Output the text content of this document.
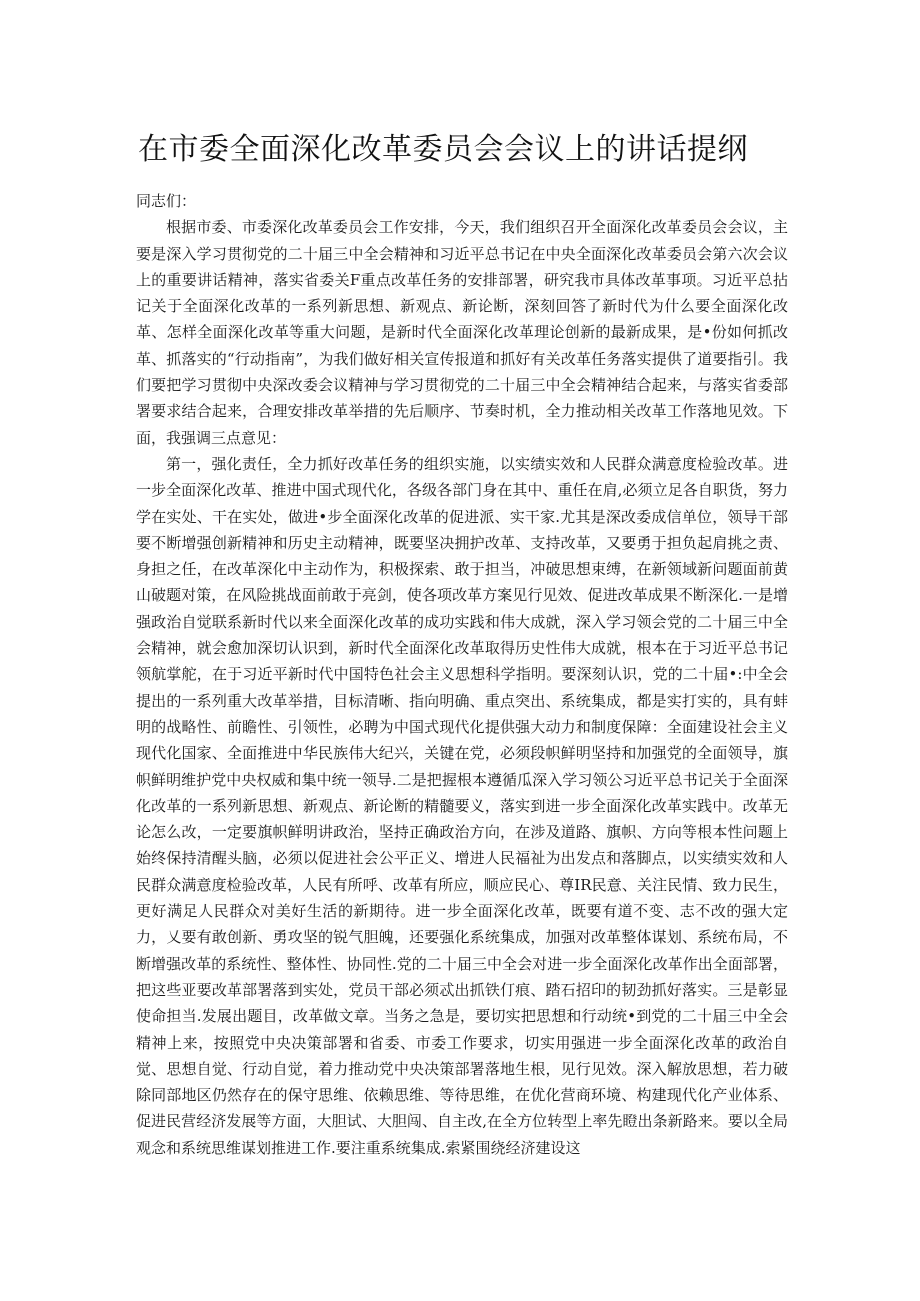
在市委全面深化改革委员会会议上的讲话提纲

同志们：

根据市委、市委深化改革委员会工作安排，今天，我们组织召开全面深化改革委员会会议，主要是深入学习贯彻党的二十届三中全会精神和习近平总书记在中央全面深化改革委员会第六次会议上的重要讲话精神，落实省委关F重点改革任务的安排部署，研究我市具体改革事项。习近平总拈记关于全面深化改革的一系列新思想、新观点、新论断，深刻回答了新时代为什么要全面深化改革、怎样全面深化改革等重大问题，是新时代全面深化改革理论创新的最新成果，是•份如何抓改革、抓落实的“行动指南”，为我们做好相关宣传报道和抓好有关改革任务落实提供了道要指引。我们要把学习贯彻中央深改委会议精神与学习贯彻党的二十届三中全会精神结合起来，与落实省委部署要求结合起来，合理安排改革举措的先后顺序、节奏时机，全力推动相关改革工作落地见效。下面，我强调三点意见：

第一，强化责任，全力抓好改革任务的组织实施，以实绩实效和人民群众满意度检验改革。进一步全面深化改革、推进中国式现代化，各级各部门身在其中、重任在肩,必须立足各自职货，努力学在实处、干在实处，做进•步全面深化改革的促进派、实干家.尤其是深改委成信单位，领导干部要不断增强创新精神和历史主动精神，既要坚决拥护改革、支持改革，又要勇于担负起肩挑之责、身担之任，在改革深化中主动作为，积极探索、敢于担当，冲破思想束缚，在新领域新问题面前黄山破题对策，在风险挑战面前敢于亮剑，使各项改革方案见行见效、促进改革成果不断深化.一是增强政治自觉联系新时代以来全面深化改革的成功实践和伟大成就，深入学习领会党的二十届三中全会精神，就会愈加深切认识到，新时代全面深化改革取得历史性伟大成就，根本在于习近平总书记领航掌舵，在于习近平新时代中国特色社会主义思想科学指明。要深刻认识，党的二十届•:中全会提出的一系列重大改革举措，目标清晰、指向明确、重点突出、系统集成，都是实打实的，具有蚌明的战略性、前瞻性、引领性，必聘为中国式现代化提供强大动力和制度保障：全面建设社会主义现代化国家、全面推进中华民族伟大纪兴，关键在党，必须段帜鲜明坚持和加强党的全面领导，旗帜鲜明维护党中央权威和集中统一领导.二是把握根本遵循瓜深入学习领公习近平总书记关于全面深化改革的一系列新思想、新观点、新论断的精髓要义，落实到进一步全面深化改革实践中。改革无论怎么改，一定要旗帜鲜明讲政治，坚持正确政治方向，在涉及道路、旗帜、方向等根本性问题上始终保持清醒头脑，必须以促进社会公平正义、增进人民福祉为出发点和落脚点，以实绩实效和人民群众满意度检验改革，人民有所呼、改革有所应，顺应民心、尊IR民意、关注民情、致力民生，更好满足人民群众对美好生活的新期待。进一步全面深化改革，既要有道不变、志不改的强大定力，乂要有敢创新、勇攻坚的锐气胆魄，还要强化系统集成，加强对改革整体谋划、系统布局，不断增强改革的系统性、整体性、协同性.党的二十届三中全会对进一步全面深化改革作出全面部署，把这些亚要改革部署落到实处，党员干部必须忒出抓铁仃痕、踏石招印的韧劲抓好落实。三是彰显使命担当.发展出题目，改革做文章。当务之急是，要切实把思想和行动统•到党的二十届三中全会精神上来，按照党中央决策部署和省委、市委工作要求，切实用强进一步全面深化改革的政治自觉、思想自觉、行动自觉，着力推动党中央决策部署落地生根，见行见效。深入解放思想，若力破除同部地区仍然存在的保守思维、依赖思维、等待思维，在优化营商环境、构建现代化产业体系、促进民营经济发展等方面，大胆试、大胆闯、自主改,在全方位转型上率先瞪出条新路来。要以全局观念和系统思维谋划推进工作.要注重系统集成.索紧围绕经济建设这
